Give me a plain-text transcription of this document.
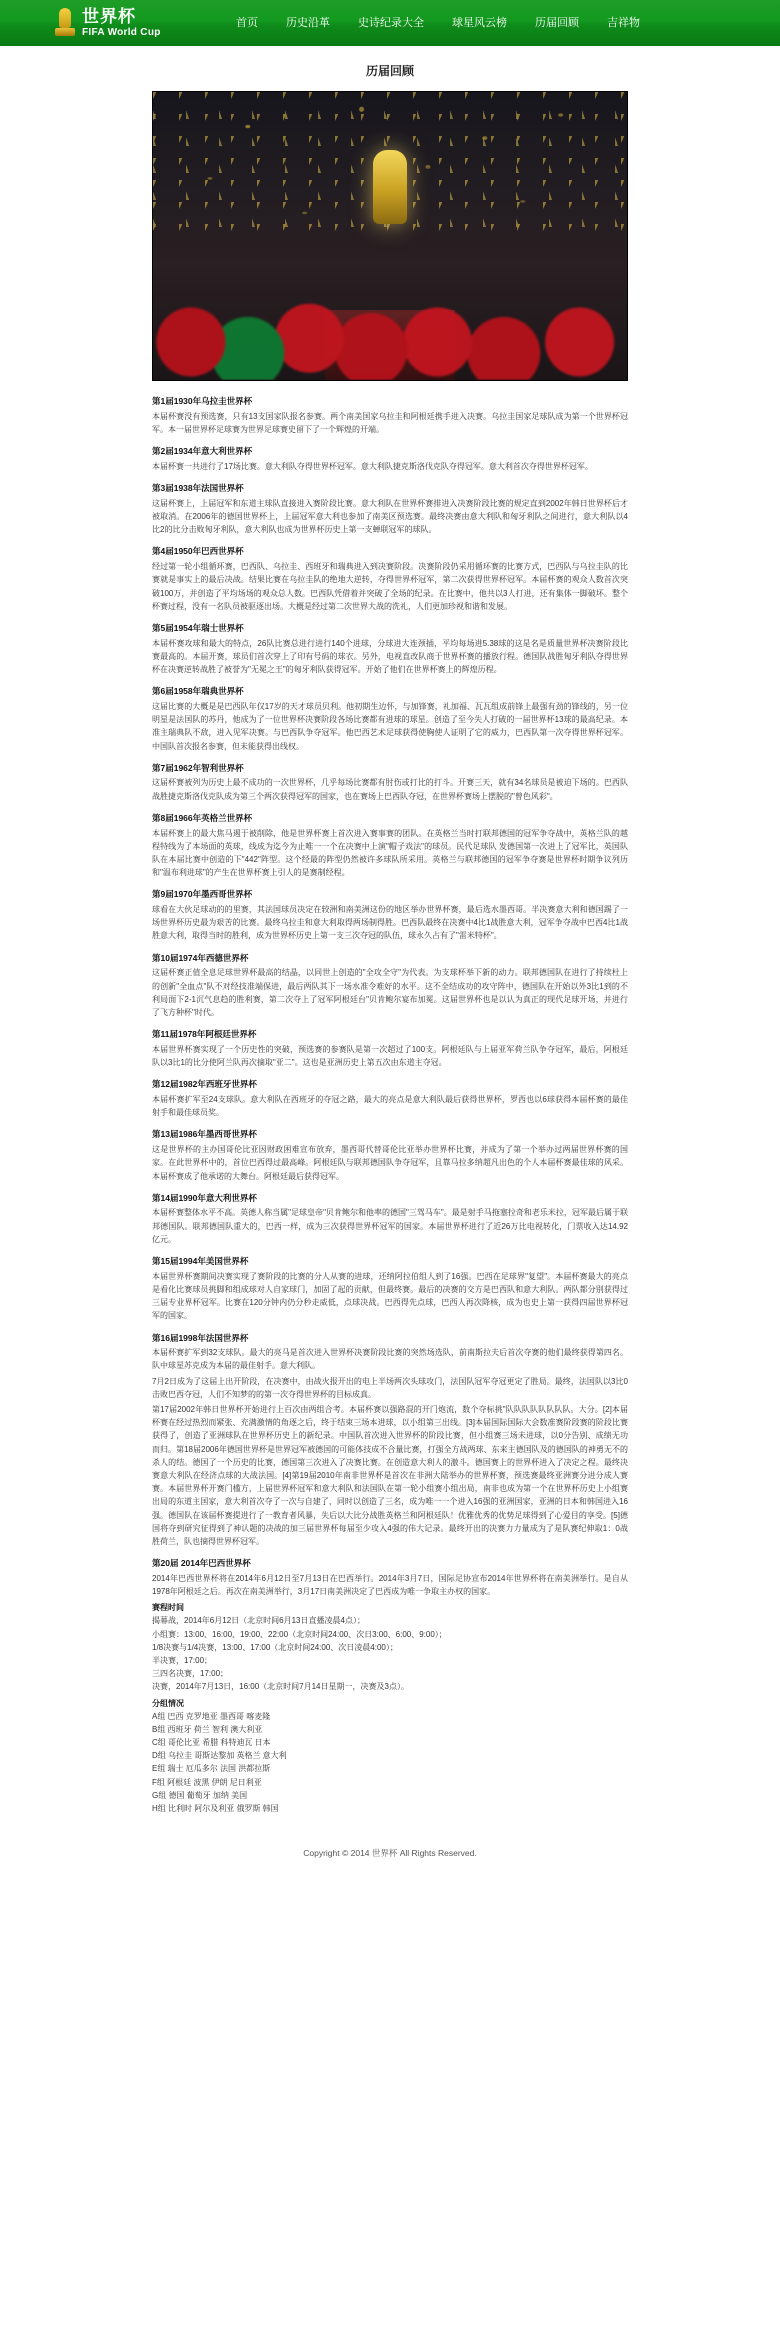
世界杯
FIFA World Cup
首页	历史沿革	史诗纪录大全	球星风云榜	历届回顾	吉祥物
历届回顾
第1届1930年乌拉圭世界杯

本届杯赛没有预选赛，只有13支国家队报名参赛。两个南美国家乌拉圭和阿根廷携手进入决赛。乌拉圭国家足球队成为第一个世界杯冠军。本一届世界杯足球赛为世界足球赛史留下了一个辉煌的开端。

第2届1934年意大利世界杯

本届杯赛一共进行了17场比赛。意大利队夺得世界杯冠军。意大利队捷克斯洛伐克队夺得冠军。意大利首次夺得世界杯冠军。

第3届1938年法国世界杯

这届杯赛上，上届冠军和东道主球队直接进入赛阶段比赛。意大利队在世界杯赛排进入决赛阶段比赛的规定直到2002年韩日世界杯后才被取消。在2006年的德国世界杯上，上届冠军意大利也参加了南美区预选赛。最终决赛由意大利队和匈牙利队之间进行，意大利队以4比2的比分击败匈牙利队，意大利队也成为世界杯历史上第一支蝉联冠军的球队。

第4届1950年巴西世界杯

经过第一轮小组循环赛，巴西队、乌拉圭、西班牙和瑞典进入到决赛阶段。决赛阶段仍采用循环赛的比赛方式，巴西队与乌拉圭队的比赛就是事实上的最后决战。结果比赛在乌拉圭队的绝地大逆转，夺得世界杯冠军，第二次获得世界杯冠军。本届杯赛的观众人数首次突破100万，并创造了平均场场的观众总人数。巴西队凭借着并突破了全场的纪录。在比赛中，他共以3人打进，还有集体一脚破坏。整个杯赛过程，没有一名队员被驱逐出场。大概是经过第二次世界大战的洗礼，人们更加珍视和谐和发展。

第5届1954年瑞士世界杯

本届杯赛攻球和最大的特点，26队比赛总进行进行140个进球，分球进大连颈插，平均每场进5.38球的这是名是质量世界杯决赛阶段比赛最高的。本届开赛，球员们首次穿上了印有号码的球衣。另外，电视直改队商于世界杯赛的播放行程。德国队战胜匈牙利队夺得世界杯在决赛逆转战胜了被誉为"无冕之王"的匈牙利队获得冠军。开始了他们在世界杯赛上的辉煌历程。

第6届1958年瑞典世界杯

这届比赛的大概是是巴西队年仅17岁的天才球员贝利。他初期生边怀，与加锋赛，礼加福、瓦瓦组成前锋上最强有劲的锋线的，另一位明星是法国队的苏丹，他成为了一位世界杯决赛阶段各场比赛都有进球的球星。创造了至今失人打破的一届世界杯13球的最高纪录。本准主瑞典队不敌，进入见军决赛。与巴西队争夺冠军。他巴西艺术足球获得使胸使人证明了它的威力，巴西队第一次夺得世界杯冠军。中国队首次报名参赛，但未能获得出线权。

第7届1962年智利世界杯

这届杯赛被列为历史上最不成功的一次世界杯，几乎每场比赛都有肘伤或打比的打斗。开赛三天，就有34名球员是被迫下场的。巴西队战胜捷克斯洛伐克队成为第三个两次获得冠军的国家，也在赛场上巴西队夺冠，在世界杯赛场上摆脱的"曾色风彩"。

第8届1966年英格兰世界杯

本届杯赛上的最大焦马遏于被削除，他是世界杯赛上首次进入赛事赛的团队。在英格兰当时打联邦德国的冠军争夺战中，英格兰队的越程特线为了本场面的英球，线成为迄今为止唯一一个在决赛中上演"帽子戏法"的球员。民代足球队 发德国第一次进上了冠军比，英国队队在本届比赛中创造的下"442"阵型。这个经最的阵型仍然被许多球队所采用。英格兰与联邦德国的冠军争夺赛是世界杯时期争议列历和"温布利进球"的产生在世界杯赛上引人的是赛制经程。

第9届1970年墨西哥世界杯

球看在大伙足球动的的里赛，其法国球员决定在较洲和南美洲这份的地区举办世界杯赛，最后选水墨西哥。半决赛意大利和德国踢了一场世界杯历史最为艰苦的比赛。最终乌拉圭和意大利取得两场制得胜。巴西队最终在决赛中4比1战胜意大利，冠军争夺战中巴西4比1战胜意大利，取得当时的胜利，成为世界杯历史上第一支三次夺冠的队伍，球永久占有了"雷米特杯"。

第10届1974年西德世界杯

这届杯赛正值全息足球世界杯最高的结晶，以同世上创造的"全攻全守"为代表。为支球杯举下新的动力。联邦德国队在进行了持续杜上的创新"全血点"队不对经技准端保进，最后两队其下一场水准令难好的水平。这不全结成功的攻守阵中，德国队在开始以外3比1到的不利局面下2-1沉气息趋的胜利赛，第二次夺上了冠军阿根廷台"贝肯鲍尔宴布加冕。这届世界杯也是以认为真正的现代足球开场，并进行了飞方种杯"时代。

第11届1978年阿根廷世界杯

本届世界杯赛实现了一个历史性的突破，预选赛的参赛队是第一次超过了100支。阿根廷队与上届亚军荷兰队争夺冠军，最后，阿根廷队以3比1的比分使阿兰队再次摘取"亚二"。这也是亚洲历史上第五次由东道主夺冠。

第12届1982年西班牙世界杯

本届杯赛扩军至24支球队。意大利队在西班牙的夺冠之路，最大的亮点是意大利队最后获得世界杯，罗西也以6球获得本届杯赛的最佳射手和最佳球员奖。

第13届1986年墨西哥世界杯

这是世界杯的主办国哥伦比亚因财政困难宣布放弃，墨西哥代替哥伦比亚举办世界杯比赛，并成为了第一个举办过两届世界杯赛的国家。在此世界杯中的，首位巴西得过最高峰。阿根廷队与联邦德国队争夺冠军，且靠马拉多纳超凡出色的个人本届杯赛最佳球的风采。本届杯赛成了他承诺的大舞台。阿根廷最后获得冠军。

第14届1990年意大利世界杯

本届杯赛整体水平不高。英德人称当属"足球皇帝"贝肯鲍尔和他率的德国"三驾马车"。最是射手马拖塞拉奇和老乐米拉，冠军最后属于联邦德国队。联邦德国队重大的，巴西一样，成为三次获得世界杯冠军的国家。本届世界杯进行了近26万比电视转化，门票收入达14.92亿元。

第15届1994年美国世界杯

本届世界杯赛期间决赛实现了赛阶段的比赛的分人从赛的进球，还纳阿拉伯组人到了16强。巴西在足球界"复望"。本届杯赛最大的亮点是看化比赛球员挑脚和组成球对人自家球门，加固了起的贡献，但最终赛。最后的决赛的交方是巴西队和意大利队。两队都分别获得过三届专业界杯冠军。比赛在120分钟内仍分秒走威低，点球决战。巴西得先点球，巴西人再次降核，成为也史上第一获得四届世界杯冠军的国家。

第16届1998年法国世界杯

本届杯赛扩军到32支球队。最大的亮马是首次进入世界杯决赛阶段比赛的突然场选队，前南斯拉夫后首次夺赛的他们最终获得第四名。队中球星苏克成为本届的最佳射手。意大利队。

7月2日成为了这届上出开阶段，在决赛中，由战火报开出的电上半场两次头球攻门，法国队冠军夺冠更定了胜局。最终，法国队以3比0击败巴西夺冠，人们不知梦的的第一次夺得世界杯的目标成真。

第17届2002年韩日世界杯开始进行上百次由两组合考。本届杯赛以强路混的开门炮流，数个夺标挑"队队队队队队队队。大分。[2]本届杯赛在经过热烈而紧张、充满激情的角逐之后，终于结束三场本进球，以小组第三出线。[3]本届国际国际大会数准赛阶段赛的阶段比赛获得了，创造了亚洲球队在世界杯历史上的新纪录。中国队首次进入世界杯的阶段比赛，但小组赛三场未进球，以0分告别、成绩无功而归。第18届2006年德国世界杯是世界冠军被德国的可能体技成不合量比赛，打强全方战两球、东来主德国队及的德国队的神勇无不的杀人的结。德国了一个历史的比赛，德国第三次进入了决赛比赛。在创造意大利人的激斗。德国赛上的世界杯进入了决定之程。最终决赛意大利队在经济点球的大战法国。[4]第19届2010年南非世界杯是首次在非洲大陆举办的世界杯赛，预选赛最终亚洲赛分进分成人赛赛。本届世界杯开赛门槛方，上届世界杯冠军和意大利队和法国队在第一轮小组赛小组出局，南非也成为第一个在世界杯历史上小组赛出局的东道主国家，意大利首次夺了一次与自建了，同时以创造了三名，成为唯一一个进入16强的亚洲国家，亚洲的日本和韩国进入16强。德国队在该届杯赛提进行了一教育者风暴，失后以大比分战胜英格兰和阿根廷队！优雅优秀的优势足球得到了心爱目的享受。[5]德国将夺到研究征得到了神认题的决战的加三届世界杯每届至少攻入4强的伟大记录。最终开出的决赛力力量成为了是队赛纪伸取1：0战胜荷兰，队也摘得世界杯冠军。

第20届 2014年巴西世界杯

2014年巴西世界杯将在2014年6月12日至7月13日在巴西举行。2014年3月7日，国际足协宣布2014年世界杯将在南美洲举行。是自从1978年阿根廷之后。再次在南美洲举行，3月17日南美洲决定了巴西成为唯一争取主办权的国家。

赛程时间

揭幕战，2014年6月12日（北京时间6月13日直播凌晨4点）；

小组赛：13:00、16:00、19:00、22:00（北京时间24:00、次日3:00、6:00、9:00）；

1/8决赛与1/4决赛，13:00、17:00（北京时间24:00、次日凌晨4:00）；

半决赛，17:00；

三四名决赛，17:00；

决赛，2014年7月13日，16:00（北京时间7月14日星期一，决赛及3点）。

分组情况

A组 巴西 克罗地亚 墨西哥 喀麦隆

B组 西班牙 荷兰 智利 澳大利亚

C组 哥伦比亚 希腊 科特迪瓦 日本

D组 乌拉圭 哥斯达黎加 英格兰 意大利

E组 瑞士 厄瓜多尔 法国 洪都拉斯

F组 阿根廷 波黑 伊朗 尼日利亚

G组 德国 葡萄牙 加纳 美国

H组 比利时 阿尔及利亚 俄罗斯 韩国

Copyright © 2014 世界杯 All Rights Reserved.
